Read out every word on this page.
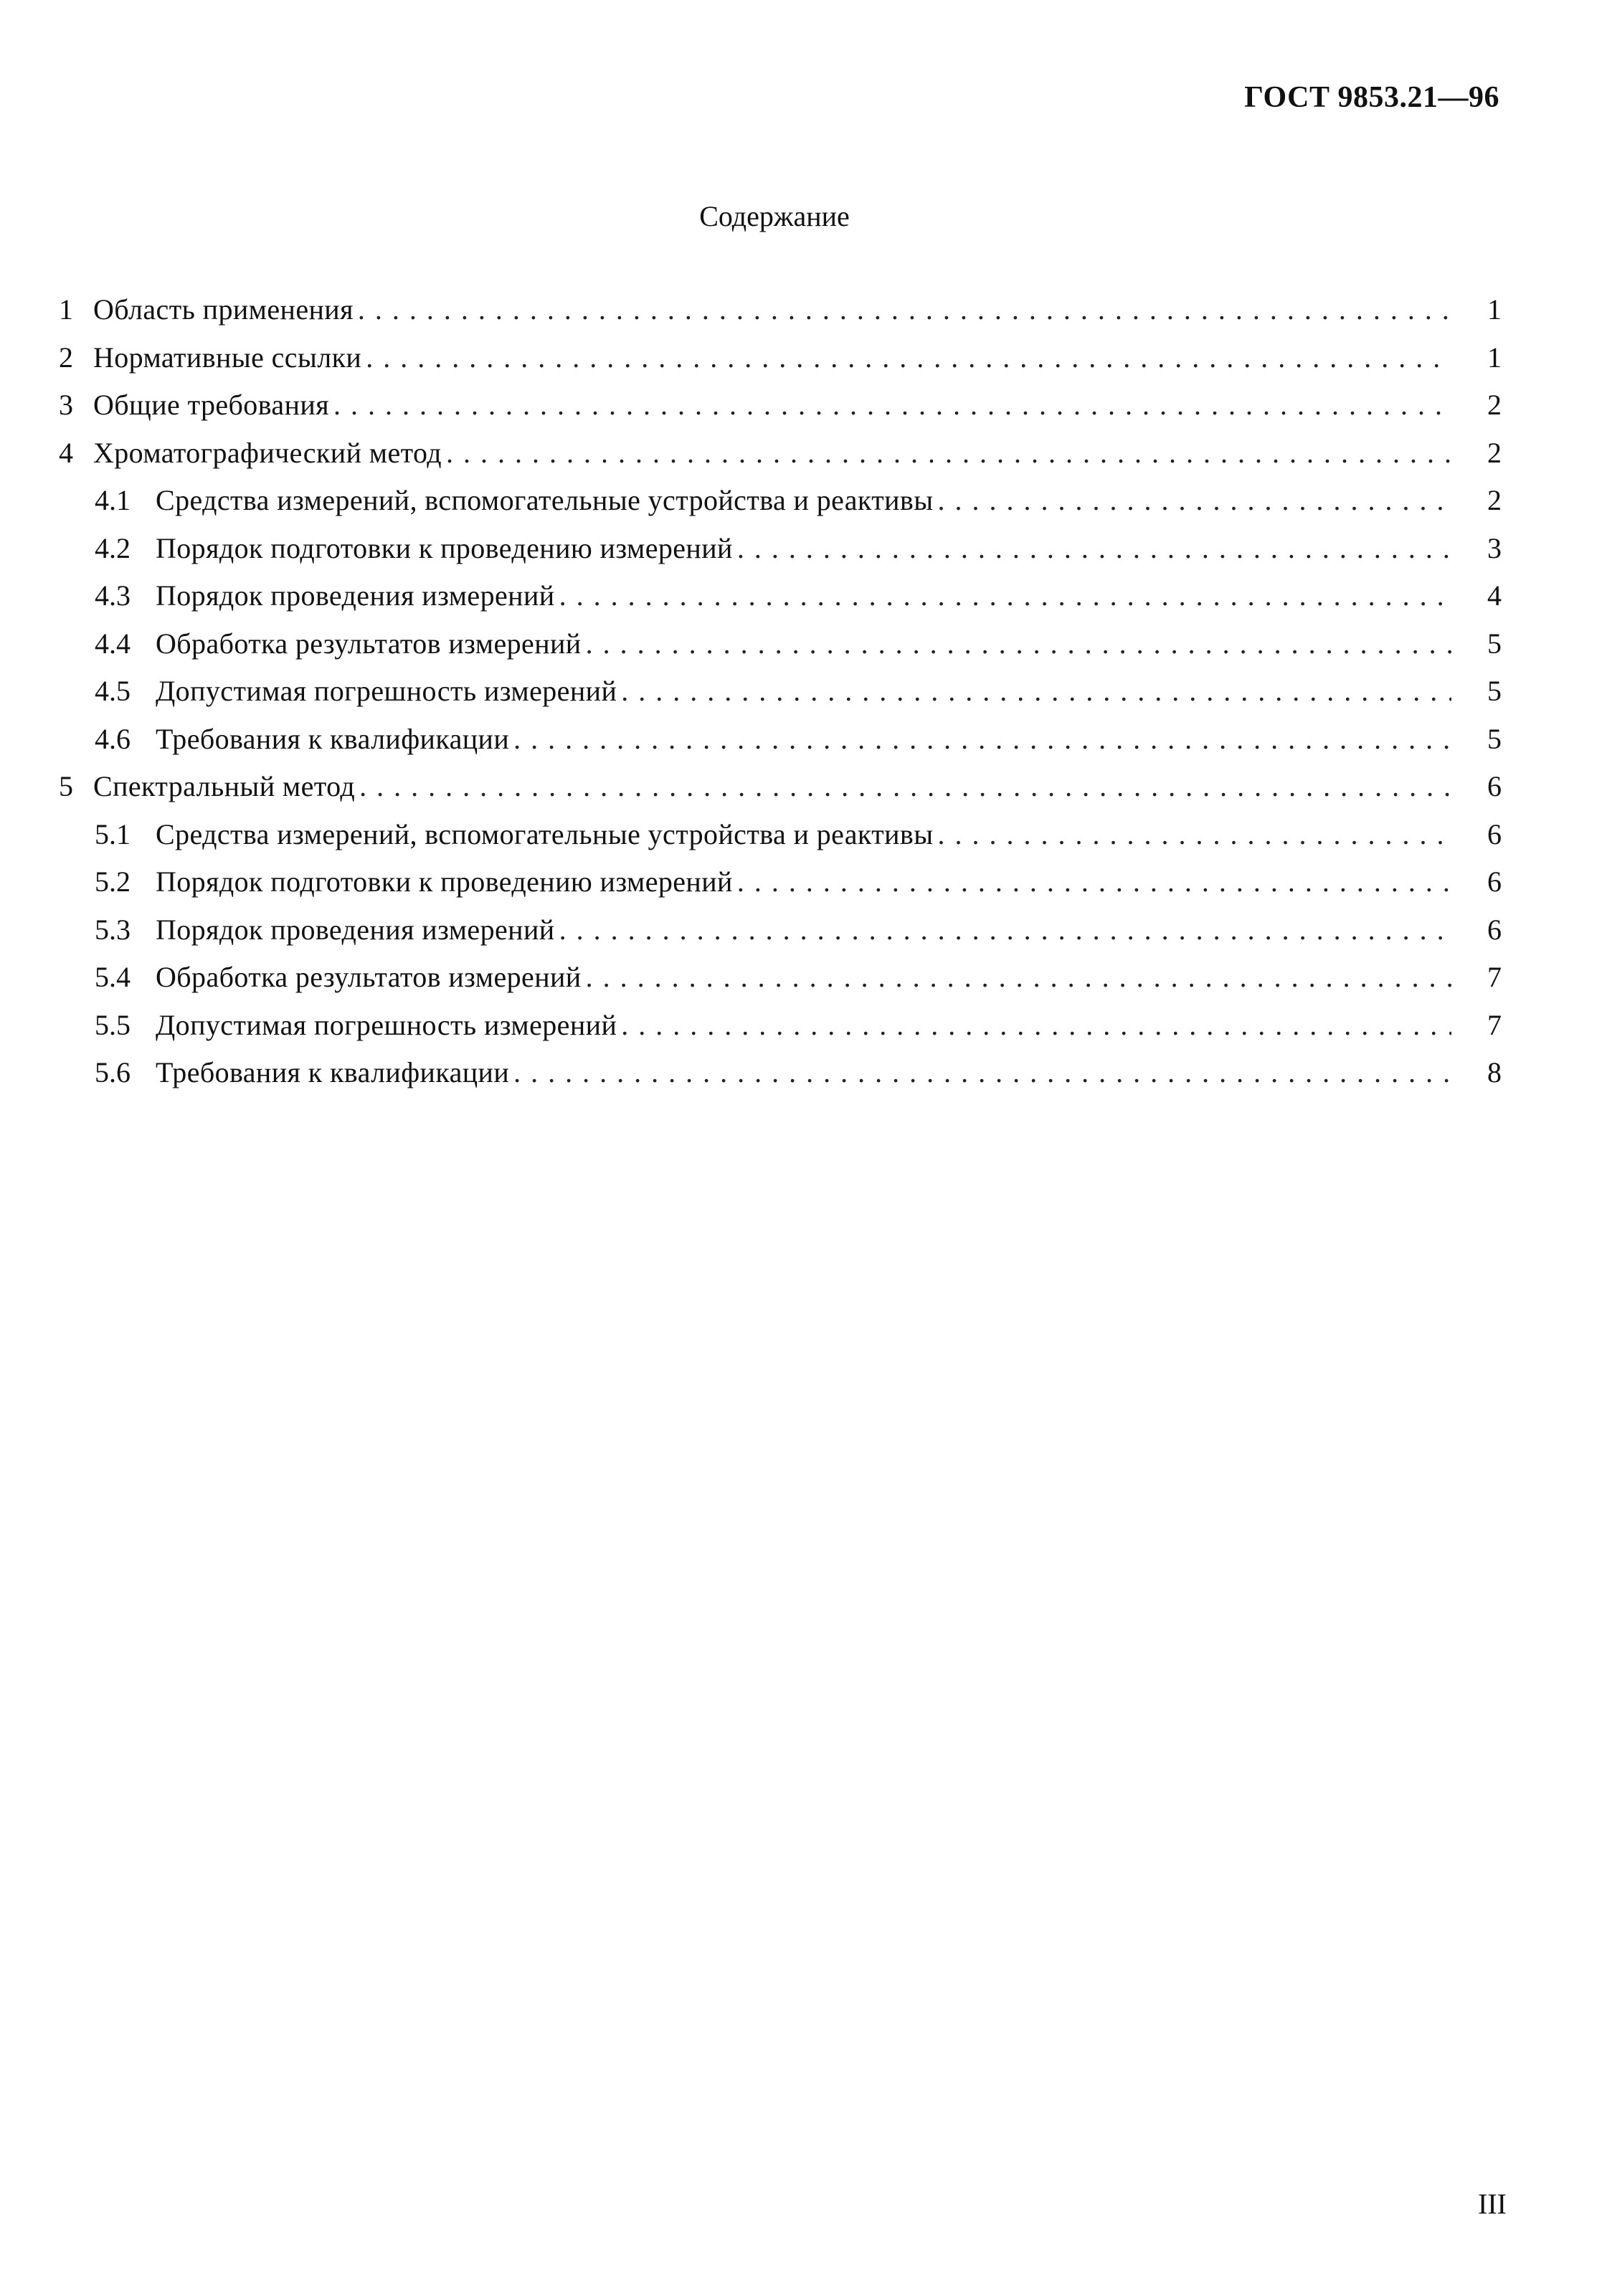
ГОСТ 9853.21—96
Содержание
1 Область применения . . .	1
2 Нормативные ссылки . . .	1
3 Общие требования . . .	2
4 Хроматографический метод . . .	2
4.1 Средства измерений, вспомогательные устройства и реактивы . . .	2
4.2 Порядок подготовки к проведению измерений . . .	3
4.3 Порядок проведения измерений . . .	4
4.4 Обработка результатов измерений . . .	5
4.5 Допустимая погрешность измерений . . .	5
4.6 Требования к квалификации . . .	5
5 Спектральный метод . . .	6
5.1 Средства измерений, вспомогательные устройства и реактивы . . .	6
5.2 Порядок подготовки к проведению измерений . . .	6
5.3 Порядок проведения измерений . . .	6
5.4 Обработка результатов измерений . . .	7
5.5 Допустимая погрешность измерений . . .	7
5.6 Требования к квалификации . . .	8
III
